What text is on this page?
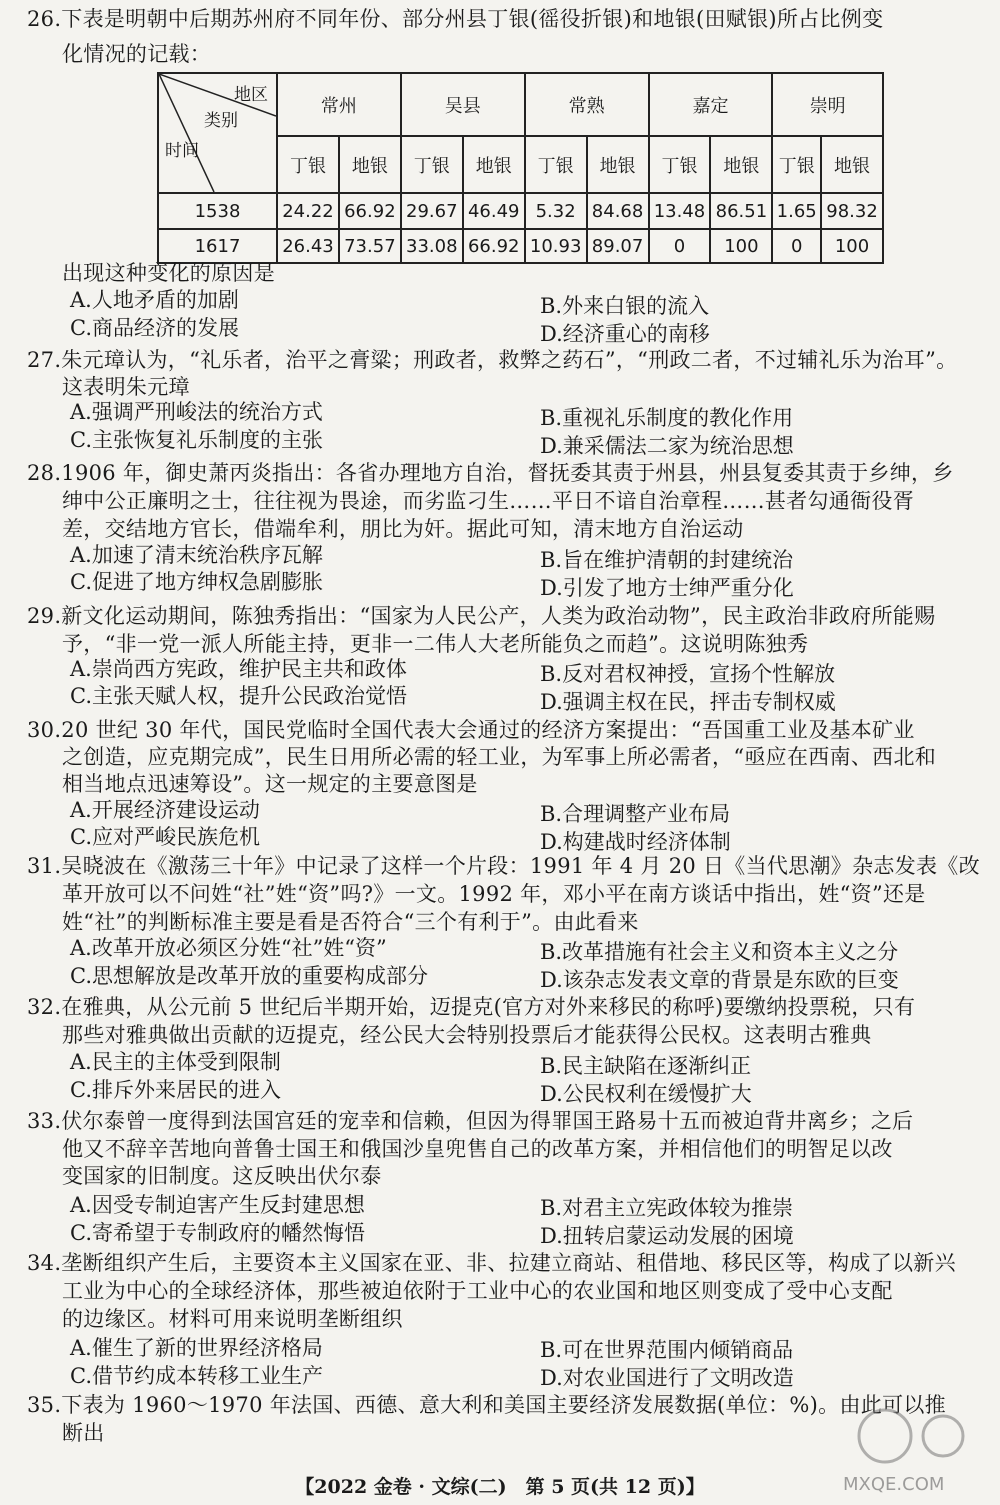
26.下表是明朝中后期苏州府不同年份、部分州县丁银(徭役折银)和地银(田赋银)所占比例变
化情况的记载：
地区
类别
时间	常州		吴县		常熟		嘉定		崇明	
	丁银	地银	丁银	地银	丁银	地银	丁银	地银	丁银	地银
1538	24.22	66.92	29.67	46.49	5.32	84.68	13.48	86.51	1.65	98.32
1617	26.43	73.57	33.08	66.92	10.93	89.07	0	100	0	100
出现这种变化的原因是
A.人地矛盾的加剧	B.外来白银的流入
C.商品经济的发展	D.经济重心的南移
27.朱元璋认为，“礼乐者，治平之膏粱；刑政者，救弊之药石”，“刑政二者，不过辅礼乐为治耳”。
这表明朱元璋
A.强调严刑峻法的统治方式	B.重视礼乐制度的教化作用
C.主张恢复礼乐制度的主张	D.兼采儒法二家为统治思想
28.1906 年，御史萧丙炎指出：各省办理地方自治，督抚委其责于州县，州县复委其责于乡绅，乡
绅中公正廉明之士，往往视为畏途，而劣监刁生……平日不谙自治章程……甚者勾通衙役胥
差，交结地方官长，借端牟利，朋比为奸。据此可知，清末地方自治运动
A.加速了清末统治秩序瓦解	B.旨在维护清朝的封建统治
C.促进了地方绅权急剧膨胀	D.引发了地方士绅严重分化
29.新文化运动期间，陈独秀指出：“国家为人民公产，人类为政治动物”，民主政治非政府所能赐
予，“非一党一派人所能主持，更非一二伟人大老所能负之而趋”。这说明陈独秀
A.崇尚西方宪政，维护民主共和政体	B.反对君权神授，宣扬个性解放
C.主张天赋人权，提升公民政治觉悟	D.强调主权在民，抨击专制权威
30.20 世纪 30 年代，国民党临时全国代表大会通过的经济方案提出：“吾国重工业及基本矿业
之创造，应克期完成”，民生日用所必需的轻工业，为军事上所必需者，“亟应在西南、西北和
相当地点迅速筹设”。这一规定的主要意图是
A.开展经济建设运动	B.合理调整产业布局
C.应对严峻民族危机	D.构建战时经济体制
31.吴晓波在《激荡三十年》中记录了这样一个片段：1991 年 4 月 20 日《当代思潮》杂志发表《改
革开放可以不问姓“社”姓“资”吗?》一文。1992 年，邓小平在南方谈话中指出，姓“资”还是
姓“社”的判断标准主要是看是否符合“三个有利于”。由此看来
A.改革开放必须区分姓“社”姓“资”	B.改革措施有社会主义和资本主义之分
C.思想解放是改革开放的重要构成部分	D.该杂志发表文章的背景是东欧的巨变
32.在雅典，从公元前 5 世纪后半期开始，迈提克(官方对外来移民的称呼)要缴纳投票税，只有
那些对雅典做出贡献的迈提克，经公民大会特别投票后才能获得公民权。这表明古雅典
A.民主的主体受到限制	B.民主缺陷在逐渐纠正
C.排斥外来居民的进入	D.公民权利在缓慢扩大
33.伏尔泰曾一度得到法国宫廷的宠幸和信赖，但因为得罪国王路易十五而被迫背井离乡；之后
他又不辞辛苦地向普鲁士国王和俄国沙皇兜售自己的改革方案，并相信他们的明智足以改
变国家的旧制度。这反映出伏尔泰
A.因受专制迫害产生反封建思想	B.对君主立宪政体较为推崇
C.寄希望于专制政府的幡然悔悟	D.扭转启蒙运动发展的困境
34.垄断组织产生后，主要资本主义国家在亚、非、拉建立商站、租借地、移民区等，构成了以新兴
工业为中心的全球经济体，那些被迫依附于工业中心的农业国和地区则变成了受中心支配
的边缘区。材料可用来说明垄断组织
A.催生了新的世界经济格局	B.可在世界范围内倾销商品
C.借节约成本转移工业生产	D.对农业国进行了文明改造
35.下表为 1960～1970 年法国、西德、意大利和美国主要经济发展数据(单位：%)。由此可以推
断出
【2022 金卷 · 文综(二)　第 5 页(共 12 页)】	MXQE.COM
